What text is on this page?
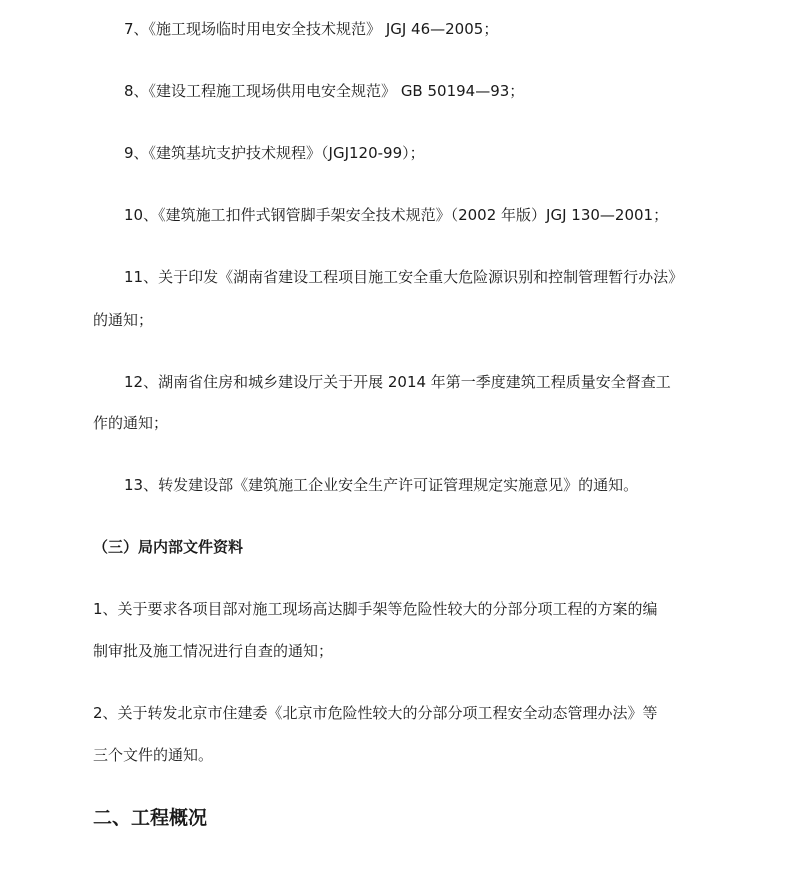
7、《施工现场临时用电安全技术规范》 JGJ 46—2005；
8、《建设工程施工现场供用电安全规范》 GB 50194—93；
9、《建筑基坑支护技术规程》（JGJ120-99）；
10、《建筑施工扣件式钢管脚手架安全技术规范》（2002 年版）JGJ 130—2001；
11、关于印发《湖南省建设工程项目施工安全重大危险源识别和控制管理暂行办法》
的通知；
12、湖南省住房和城乡建设厅关于开展 2014 年第一季度建筑工程质量安全督查工
作的通知；
13、转发建设部《建筑施工企业安全生产许可证管理规定实施意见》的通知。
（三）局内部文件资料
1、关于要求各项目部对施工现场高达脚手架等危险性较大的分部分项工程的方案的编
制审批及施工情况进行自查的通知；
2、关于转发北京市住建委《北京市危险性较大的分部分项工程安全动态管理办法》等
三个文件的通知。
二、工程概况
